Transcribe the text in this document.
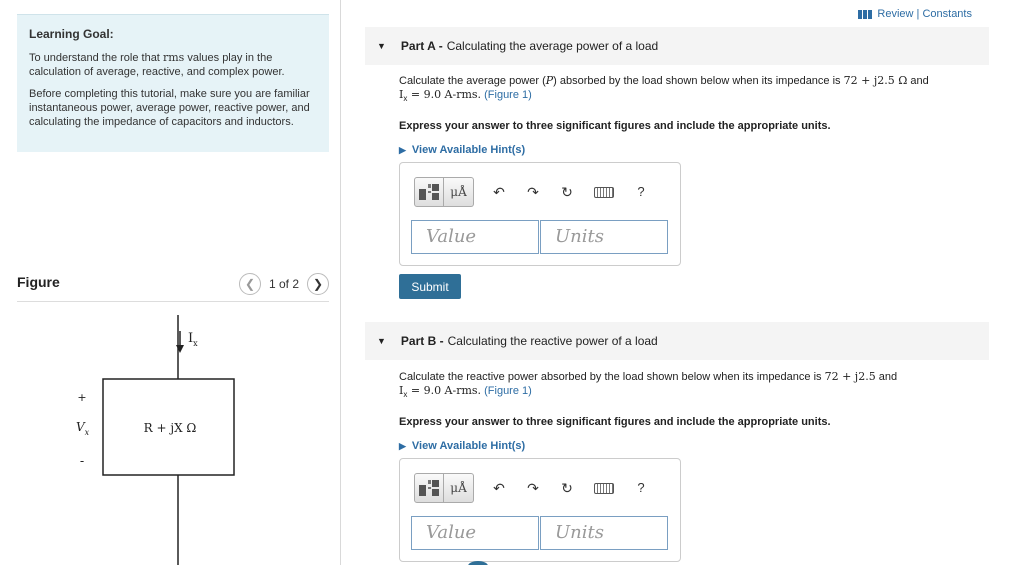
Learning Goal:

To understand the role that rms values play in the calculation of average, reactive, and complex power.

Before completing this tutorial, make sure you are familiar instantaneous power, average power, reactive power, and calculating the impedance of capacitors and inductors.

Figure	❮ 1 of 2 ❯
$I_x$
R + jX Ω
+
$V_x$
-
Review | Constants
▼ Part A - Calculating the average power of a load
Calculate the average power (P) absorbed by the load shown below when its impedance is 72 + j2.5 Ω and
$I_x = 9.0$ A-rms. (Figure 1)
Express your answer to three significant figures and include the appropriate units.
▶ View Available Hint(s)
μÅ ↶ ↷ ↻	?
Value	Units
Submit
▼ Part B - Calculating the reactive power of a load
Calculate the reactive power absorbed by the load shown below when its impedance is 72 + j2.5 and
$I_x = 9.0$ A-rms. (Figure 1)
Express your answer to three significant figures and include the appropriate units.
▶ View Available Hint(s)
μÅ ↶ ↷ ↻	?
Value	Units
